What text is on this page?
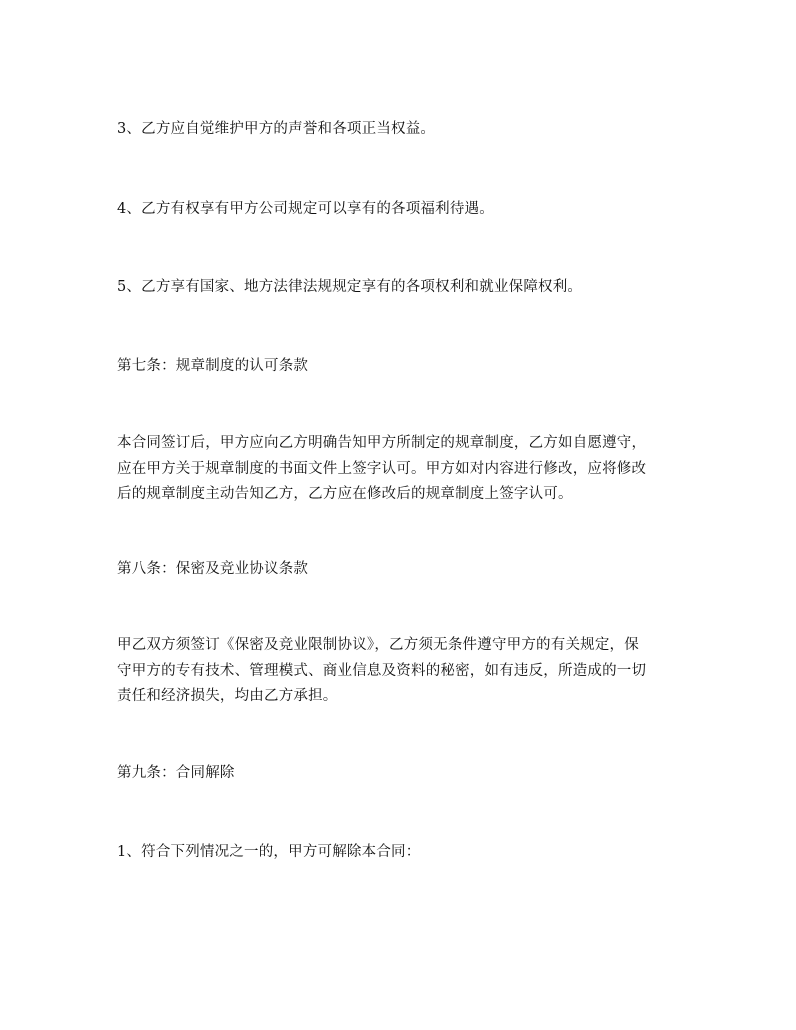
3、乙方应自觉维护甲方的声誉和各项正当权益。
4、乙方有权享有甲方公司规定可以享有的各项福利待遇。
5、乙方享有国家、地方法律法规规定享有的各项权利和就业保障权利。
第七条：规章制度的认可条款
本合同签订后，甲方应向乙方明确告知甲方所制定的规章制度，乙方如自愿遵守，
应在甲方关于规章制度的书面文件上签字认可。甲方如对内容进行修改，应将修改
后的规章制度主动告知乙方，乙方应在修改后的规章制度上签字认可。
第八条：保密及竞业协议条款
甲乙双方须签订《保密及竞业限制协议》，乙方须无条件遵守甲方的有关规定，保
守甲方的专有技术、管理模式、商业信息及资料的秘密，如有违反，所造成的一切
责任和经济损失，均由乙方承担。
第九条：合同解除
1、符合下列情况之一的，甲方可解除本合同：
